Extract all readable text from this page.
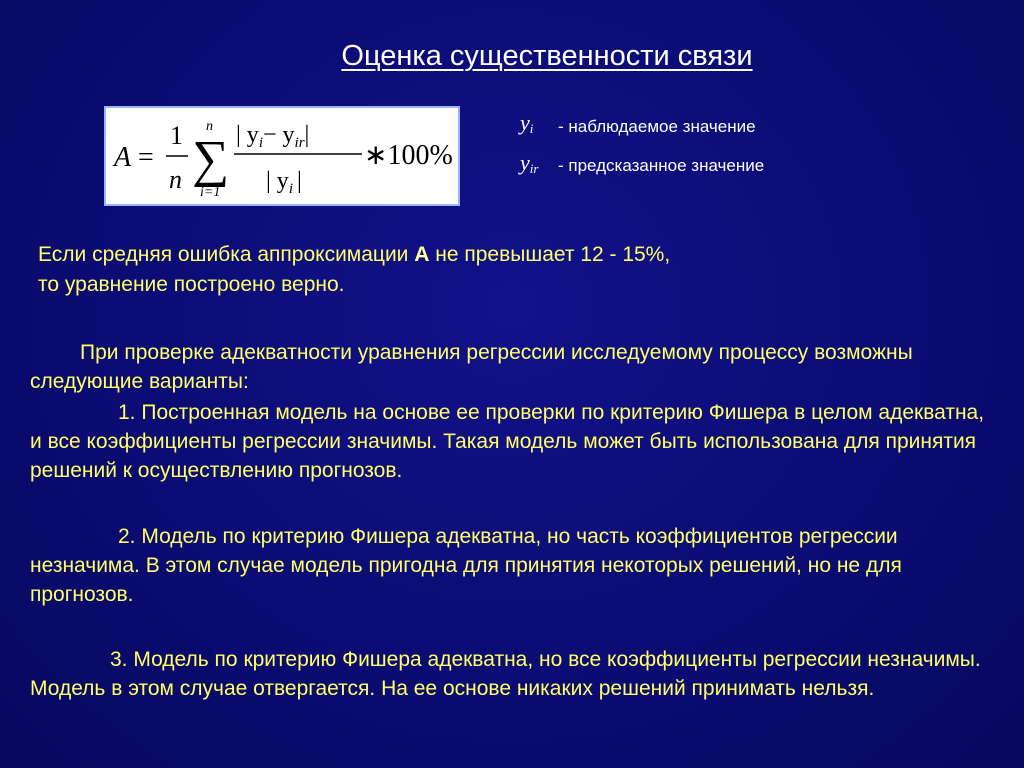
Оценка существенности связи
A =
1
n
n
∑
i=1
| $y_i- y_{ir}|$
| $y_i$ |
∗100%
$y_i$ - наблюдаемое значение
$y_{ir}$ - предсказанное значение
Если средняя ошибка аппроксимации А не превышает 12 - 15%,
то уравнение построено верно.
При проверке адекватности уравнения регрессии исследуемому процессу возможны следующие варианты:
1. Построенная модель на основе ее проверки по критерию Фишера в целом адекватна, и все коэффициенты регрессии значимы. Такая модель может быть использована для принятия решений к осуществлению прогнозов.
2. Модель по критерию Фишера адекватна, но часть коэффициентов регрессии незначима. В этом случае модель пригодна для принятия некоторых решений, но не для прогнозов.
3. Модель по критерию Фишера адекватна, но все коэффициенты регрессии незначимы. Модель в этом случае отвергается. На ее основе никаких решений принимать нельзя.
